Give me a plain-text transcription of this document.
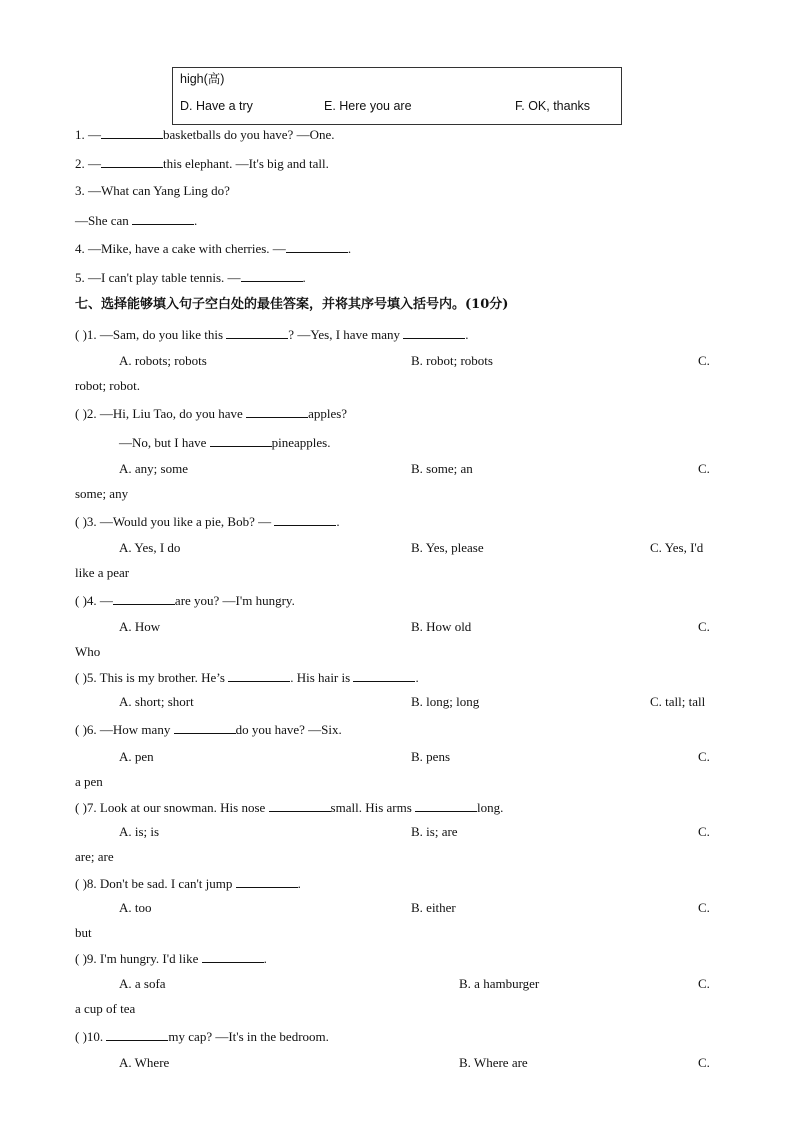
high(高)
D. Have a try	E. Here you are	F. OK, thanks
1. —	basketballs do you have? —One.
2. —	this elephant. —It's big and tall.
3. —What can Yang Ling do?
—She can	.
4. —Mike, have a cake with cherries. —	.
5. —I can't play table tennis. —	.
七、选择能够填入句子空白处的最佳答案，并将其序号填入括号内。(10分)
( )1. —Sam, do you like this	? —Yes, I have many	.
A. robots; robots	B. robot; robots	C.
robot; robot.
( )2. —Hi, Liu Tao, do you have	apples?
—No, but I have	pineapples.
A. any; some	B. some; an	C.
some; any
( )3. —Would you like a pie, Bob? —	.
A. Yes, I do	B. Yes, please	C. Yes, I'd
like a pear
( )4. —	are you? —I'm hungry.
A. How	B. How old	C.
Who
( )5. This is my brother. He’s	. His hair is	.
A. short; short	B. long; long	C. tall; tall
( )6. —How many	do you have? —Six.
A. pen	B. pens	C.
a pen
( )7. Look at our snowman. His nose	small. His arms	long.
A. is; is	B. is; are	C.
are; are
( )8. Don't be sad. I can't jump	.
A. too	B. either	C.
but
( )9. I'm hungry. I'd like	.
A. a sofa	B. a hamburger	C.
a cup of tea
( )10.	my cap? —It's in the bedroom.
A. Where	B. Where are	C.
